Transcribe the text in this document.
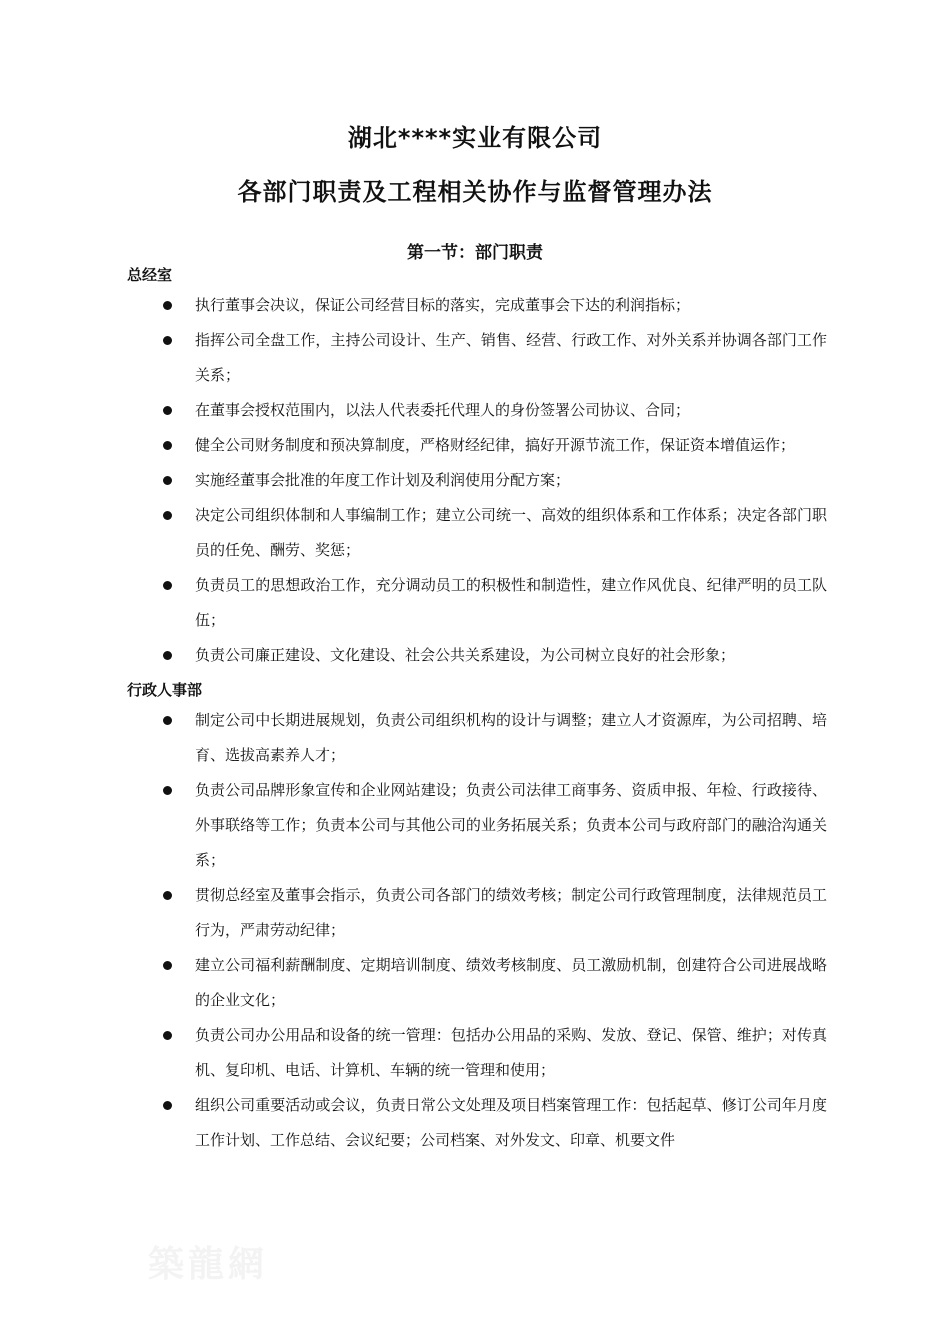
湖北****实业有限公司
各部门职责及工程相关协作与监督管理办法
第一节：部门职责
总经室
执行董事会决议，保证公司经营目标的落实，完成董事会下达的利润指标；
指挥公司全盘工作，主持公司设计、生产、销售、经营、行政工作、对外关系并协调各部门工作关系；
在董事会授权范围内，以法人代表委托代理人的身份签署公司协议、合同；
健全公司财务制度和预决算制度，严格财经纪律，搞好开源节流工作，保证资本增值运作；
实施经董事会批准的年度工作计划及利润使用分配方案；
决定公司组织体制和人事编制工作；建立公司统一、高效的组织体系和工作体系；决定各部门职员的任免、酬劳、奖惩；
负责员工的思想政治工作，充分调动员工的积极性和制造性，建立作风优良、纪律严明的员工队伍；
负责公司廉正建设、文化建设、社会公共关系建设，为公司树立良好的社会形象；
行政人事部
制定公司中长期进展规划，负责公司组织机构的设计与调整；建立人才资源库，为公司招聘、培育、选拔高素养人才；
负责公司品牌形象宣传和企业网站建设；负责公司法律工商事务、资质申报、年检、行政接待、外事联络等工作；负责本公司与其他公司的业务拓展关系；负责本公司与政府部门的融洽沟通关系；
贯彻总经室及董事会指示，负责公司各部门的绩效考核；制定公司行政管理制度，法律规范员工行为，严肃劳动纪律；
建立公司福利薪酬制度、定期培训制度、绩效考核制度、员工激励机制，创建符合公司进展战略的企业文化；
负责公司办公用品和设备的统一管理：包括办公用品的采购、发放、登记、保管、维护；对传真机、复印机、电话、计算机、车辆的统一管理和使用；
组织公司重要活动或会议，负责日常公文处理及项目档案管理工作：包括起草、修订公司年月度工作计划、工作总结、会议纪要；公司档案、对外发文、印章、机要文件
築龍網
